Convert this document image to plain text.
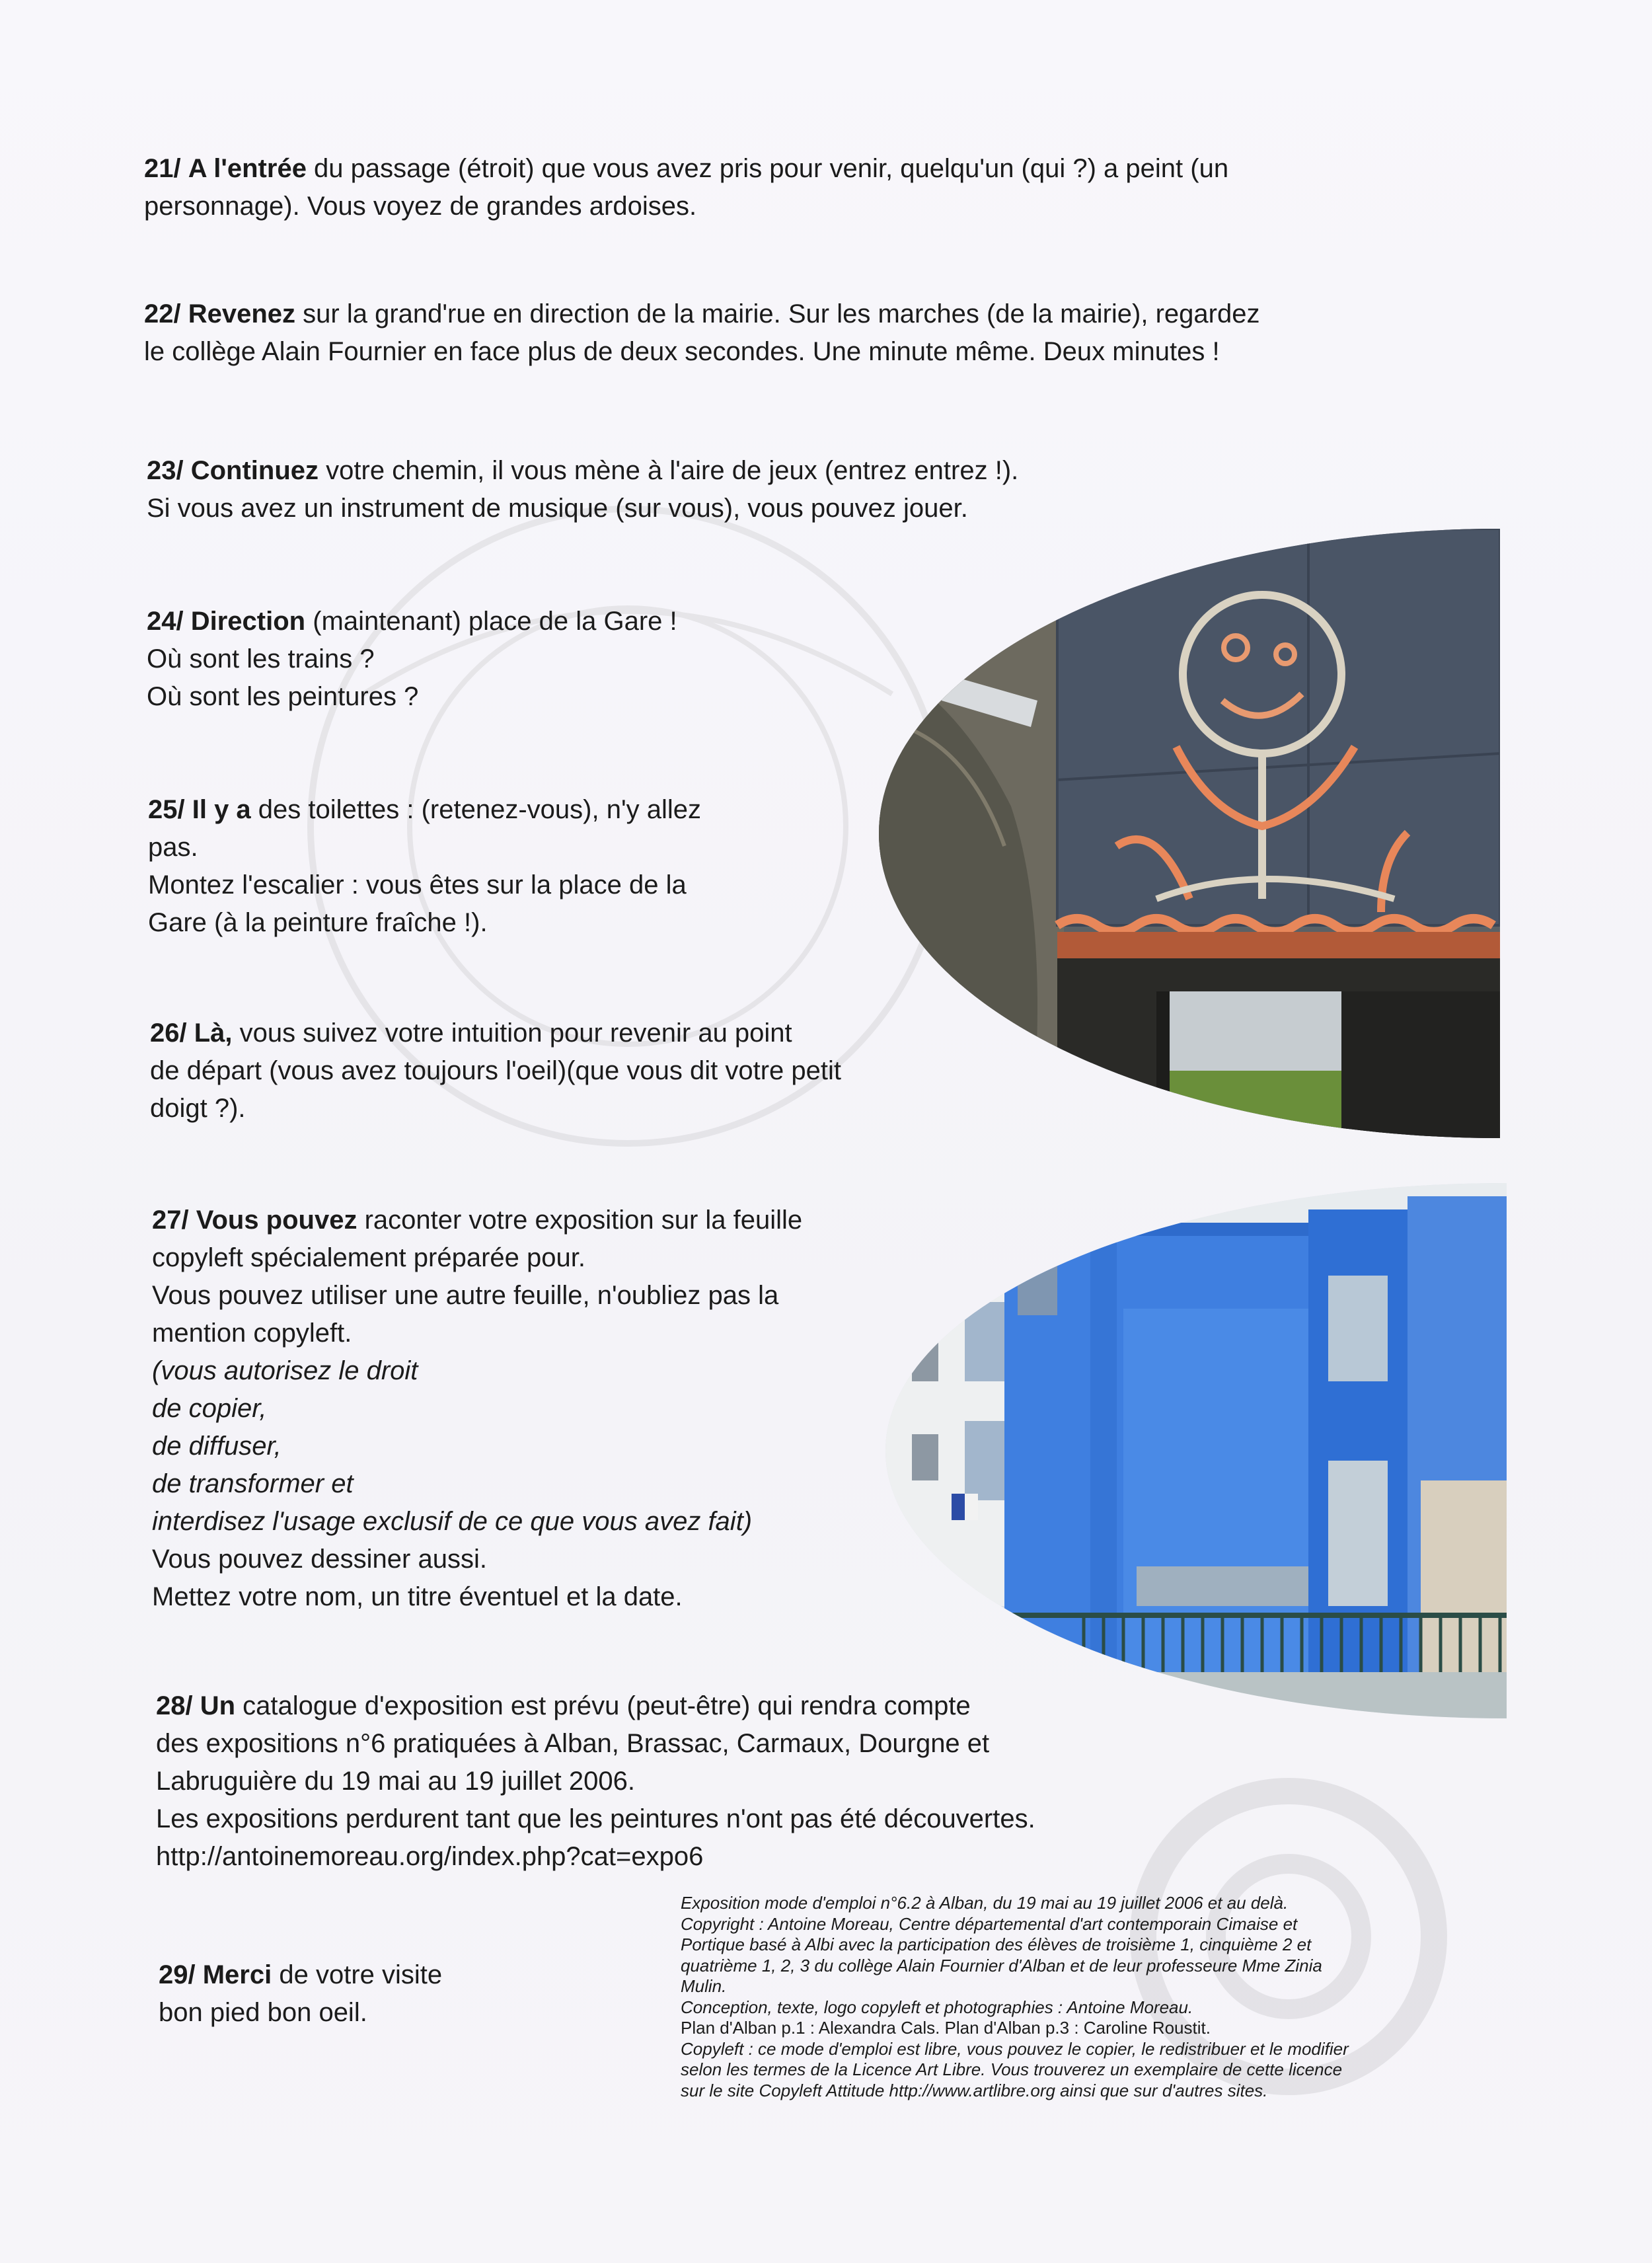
21/ A l'entrée du passage (étroit) que vous avez pris pour venir, quelqu'un (qui ?) a peint (un
personnage). Vous voyez de grandes ardoises.

22/ Revenez sur la grand'rue en direction de la mairie. Sur les marches (de la mairie), regardez
le collège Alain Fournier en face plus de deux secondes. Une minute même. Deux minutes !

23/ Continuez votre chemin, il vous mène à l'aire de jeux (entrez entrez !).
Si vous avez un instrument de musique (sur vous), vous pouvez jouer.

24/ Direction (maintenant) place de la Gare !
Où sont les trains ?
Où sont les peintures ?

25/ Il y a des toilettes : (retenez-vous), n'y allez
pas.
Montez l'escalier : vous êtes sur la place de la
Gare (à la peinture fraîche !).

26/ Là, vous suivez votre intuition pour revenir au point
de départ (vous avez toujours l'oeil)(que vous dit votre petit
doigt ?).

27/ Vous pouvez raconter votre exposition sur la feuille
copyleft spécialement préparée pour.
Vous pouvez utiliser une autre feuille, n'oubliez pas la
mention copyleft.
(vous autorisez le droit
de copier,
de diffuser,
de transformer et
interdisez l'usage exclusif de ce que vous avez fait)
Vous pouvez dessiner aussi.
Mettez votre nom, un titre éventuel et la date.

28/ Un catalogue d'exposition est prévu (peut-être) qui rendra compte
des expositions n°6 pratiquées à Alban, Brassac, Carmaux, Dourgne et
Labruguière du 19 mai au 19 juillet 2006.
Les expositions perdurent tant que les peintures n'ont pas été découvertes.
http://antoinemoreau.org/index.php?cat=expo6

29/ Merci de votre visite
bon pied bon oeil.

Exposition mode d'emploi n°6.2 à Alban, du 19 mai au 19 juillet 2006 et au delà.
Copyright : Antoine Moreau, Centre départemental d'art contemporain Cimaise et
Portique basé à Albi avec la participation des élèves de troisième 1, cinquième 2 et
quatrième 1, 2, 3 du collège Alain Fournier d'Alban et de leur professeure Mme Zinia
Mulin.
Conception, texte, logo copyleft et photographies : Antoine Moreau.
Plan d'Alban p.1 : Alexandra Cals. Plan d'Alban p.3 : Caroline Roustit.
Copyleft : ce mode d'emploi est libre, vous pouvez le copier, le redistribuer et le modifier
selon les termes de la Licence Art Libre. Vous trouverez un exemplaire de cette licence
sur le site Copyleft Attitude http://www.artlibre.org ainsi que sur d'autres sites.
